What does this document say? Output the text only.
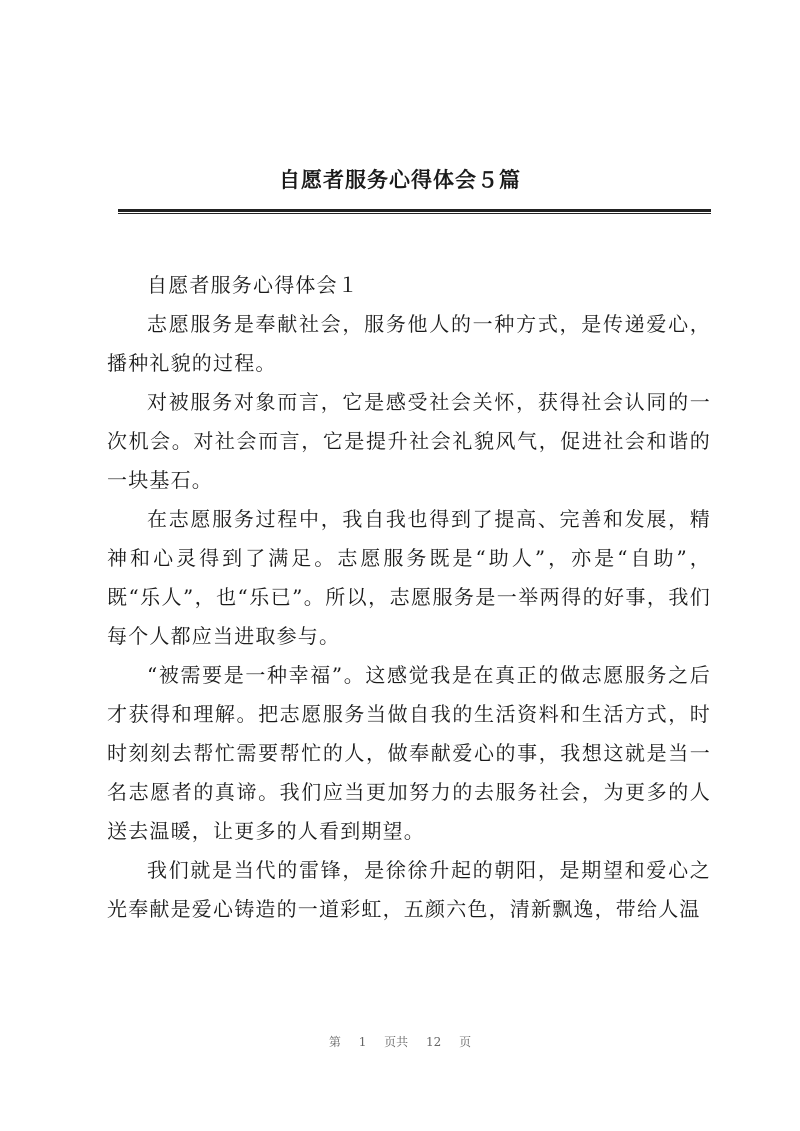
自愿者服务心得体会５篇

自愿者服务心得体会１

志愿服务是奉献社会，服务他人的一种方式，是传递爱心，播种礼貌的过程。

对被服务对象而言，它是感受社会关怀，获得社会认同的一次机会。对社会而言，它是提升社会礼貌风气，促进社会和谐的一块基石。

在志愿服务过程中，我自我也得到了提高、完善和发展，精神和心灵得到了满足。志愿服务既是“助人”，亦是“自助”，既“乐人”，也“乐已”。所以，志愿服务是一举两得的好事，我们每个人都应当进取参与。

“被需要是一种幸福”。这感觉我是在真正的做志愿服务之后才获得和理解。把志愿服务当做自我的生活资料和生活方式，时时刻刻去帮忙需要帮忙的人，做奉献爱心的事，我想这就是当一名志愿者的真谛。我们应当更加努力的去服务社会，为更多的人送去温暖，让更多的人看到期望。

我们就是当代的雷锋，是徐徐升起的朝阳，是期望和爱心之光奉献是爱心铸造的一道彩虹，五颜六色，清新飘逸，带给人温

第 1 页共 12 页
